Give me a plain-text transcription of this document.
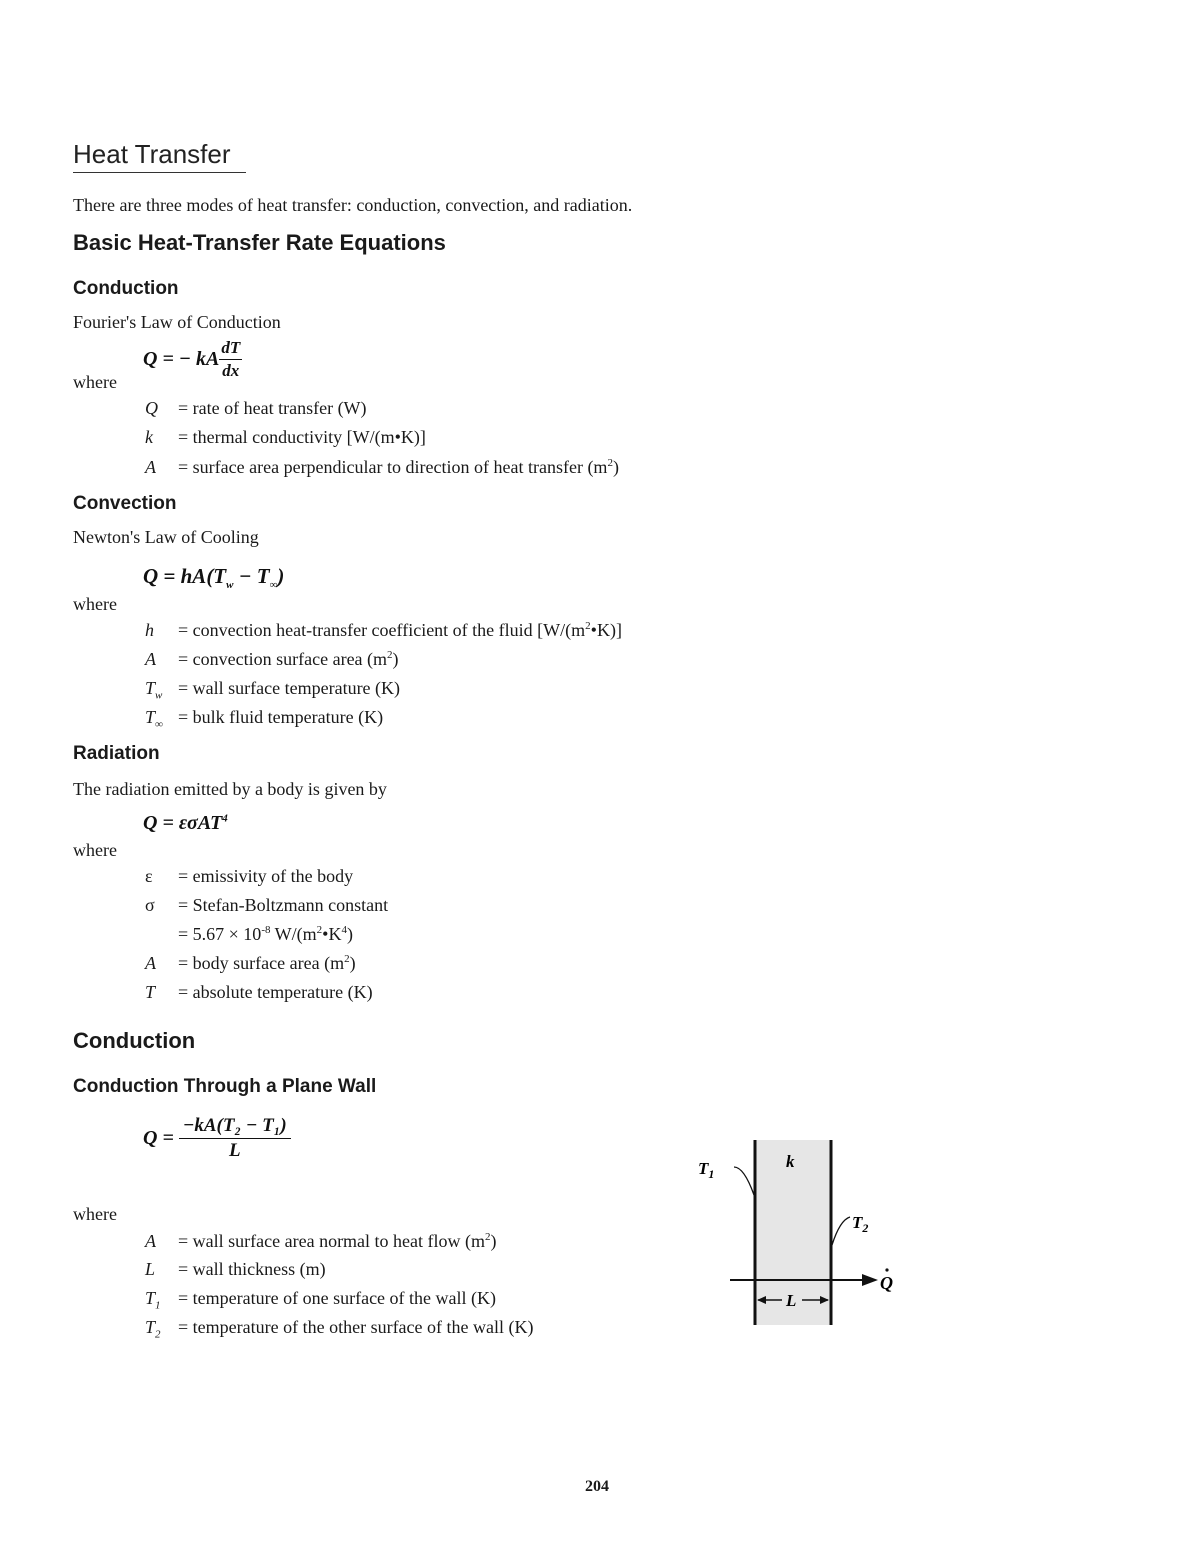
Heat Transfer
There are three modes of heat transfer: conduction, convection, and radiation.
Basic Heat-Transfer Rate Equations
Conduction
Fourier's Law of Conduction
Q = − kA $\frac{dT}{dx}$
where
Q = rate of heat transfer (W)
k = thermal conductivity [W/(m•K)]
A = surface area perpendicular to direction of heat transfer $(m^2)$
Convection
Newton's Law of Cooling
$Q = hA(T_w - T_\infty)$
where
h = convection heat-transfer coefficient of the fluid $[W/(m^2•K)]$
A = convection surface area $(m^2)$
$T_w$ = wall surface temperature (K)
$T_\infty$ = bulk fluid temperature (K)
Radiation
The radiation emitted by a body is given by
Q = εσAT$^4$
where
ε = emissivity of the body
σ = Stefan-Boltzmann constant
= $5.67 \times 10^{-8}$ $W/(m^2•K^4)$
A = body surface area $(m^2)$
T = absolute temperature (K)
Conduction
Conduction Through a Plane Wall
$Q = \frac{\text{−kA(T₂ − T₁)}}{L}$
where
A = wall surface area normal to heat flow $(m^2)$
L = wall thickness (m)
$T_1$ = temperature of one surface of the wall (K)
$T_2$ = temperature of the other surface of the wall (K)
k
$T_1$
$T_2$
Q
L
204
